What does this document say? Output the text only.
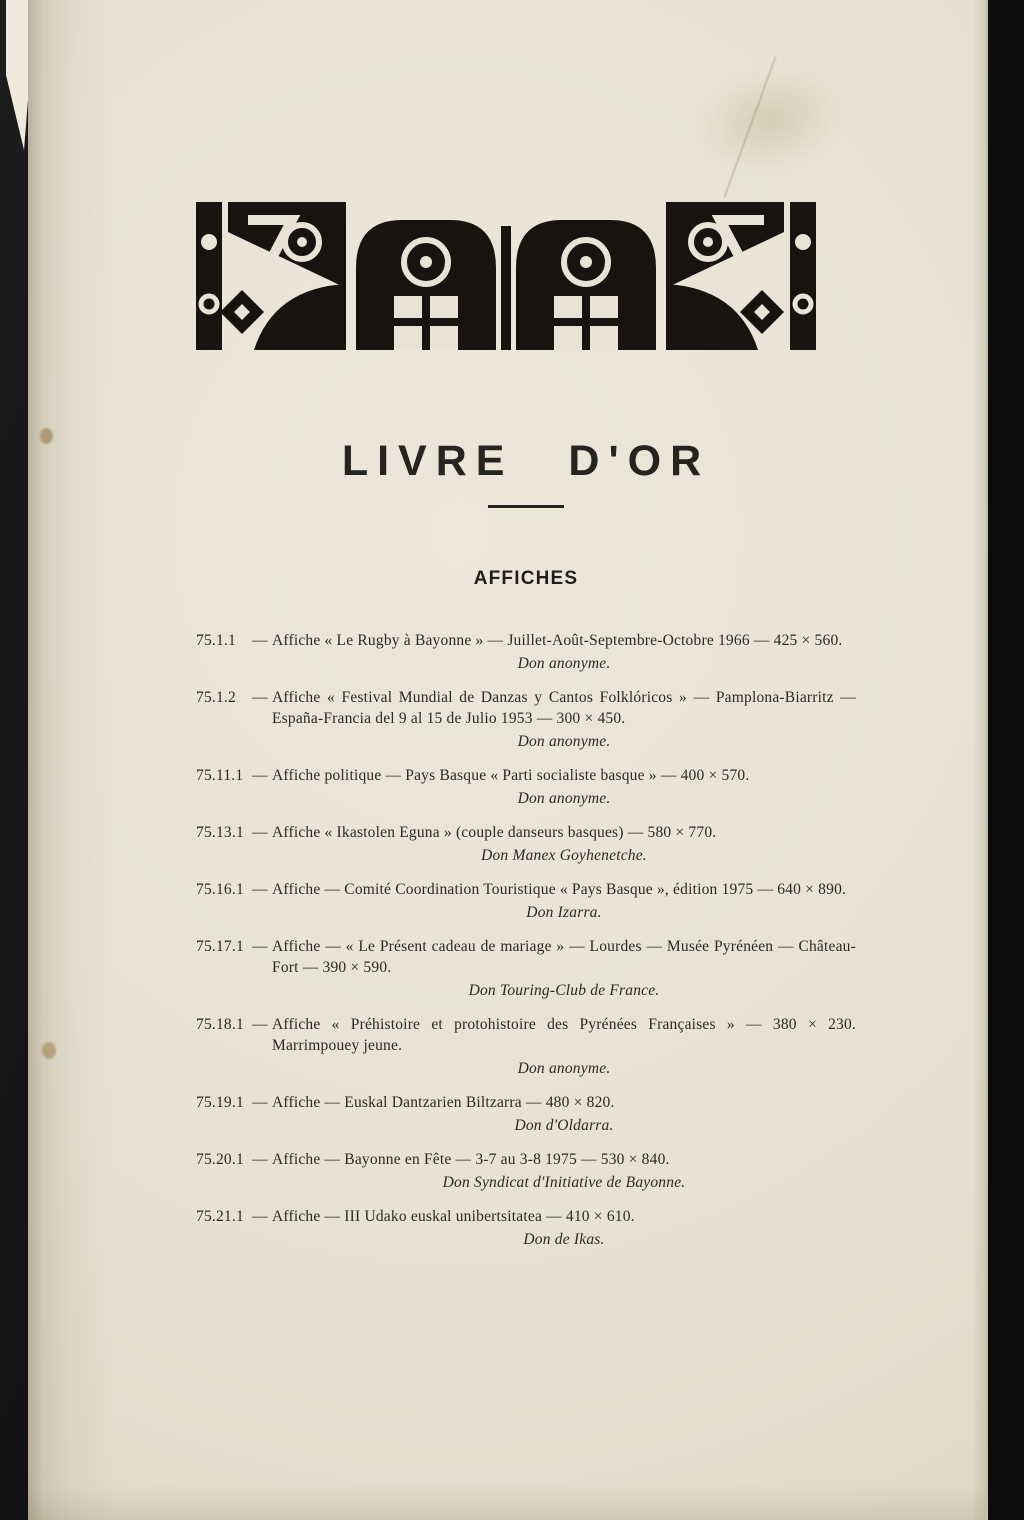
LIVRE D'OR
AFFICHES
75.1.1	— Affiche « Le Rugby à Bayonne » — Juillet-Août-Septembre-Octobre 1966 — 425 × 560.
Don anonyme.
75.1.2	— Affiche « Festival Mundial de Danzas y Cantos Folklóricos » — Pamplona-Biarritz — España-Francia del 9 al 15 de Julio 1953 — 300 × 450.
Don anonyme.
75.11.1 — Affiche politique — Pays Basque « Parti socialiste basque » — 400 × 570.
Don anonyme.
75.13.1 — Affiche « Ikastolen Eguna » (couple danseurs basques) — 580 × 770.
Don Manex Goyhenetche.
75.16.1 — Affiche — Comité Coordination Touristique « Pays Basque », édition 1975 — 640 × 890.
Don Izarra.
75.17.1 — Affiche — « Le Présent cadeau de mariage » — Lourdes — Musée Pyrénéen — Château-Fort — 390 × 590.
Don Touring-Club de France.
75.18.1 — Affiche « Préhistoire et protohistoire des Pyrénées Françaises » — 380 × 230. Marrimpouey jeune.
Don anonyme.
75.19.1 — Affiche — Euskal Dantzarien Biltzarra — 480 × 820.
Don d'Oldarra.
75.20.1 — Affiche — Bayonne en Fête — 3-7 au 3-8 1975 — 530 × 840.
Don Syndicat d'Initiative de Bayonne.
75.21.1 — Affiche — III Udako euskal unibertsitatea — 410 × 610.
Don de Ikas.
